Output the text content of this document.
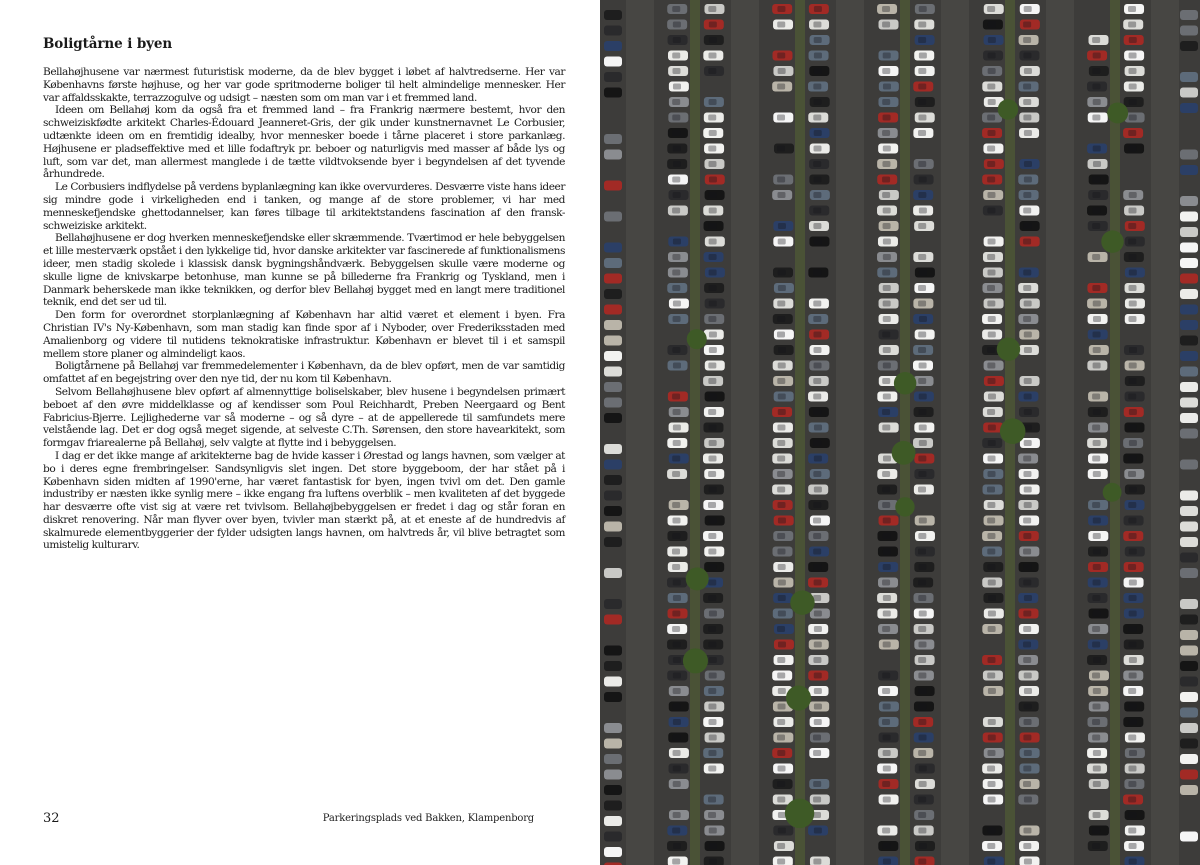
Boligtårne i byen

Bellahøjhusene var nærmest futuristisk moderne, da de blev bygget i løbet af halvtredserne. Her var Københavns første højhuse, og her var gode spritmoderne boliger til helt almindelige mennesker. Her var affaldsskakte, terrazzogulve og udsigt – næsten som om man var i et fremmed land.

Ideen om Bellahøj kom da også fra et fremmed land – fra Frankrig nærmere bestemt, hvor den schweiziskfødte arkitekt Charles-Édouard Jeanneret-Gris, der gik under kunstnernavnet Le Corbusier, udtænkte ideen om en fremtidig idealby, hvor mennesker boede i tårne placeret i store parkanlæg. Højhusene er pladseffektive med et lille fodaftryk pr. beboer og naturligvis med masser af både lys og luft, som var det, man allermest manglede i de tætte vildtvoksende byer i begyndelsen af det tyvende århundrede.

Le Corbusiers indflydelse på verdens byplanlægning kan ikke overvurderes. Desværre viste hans ideer sig mindre gode i virkeligheden end i tanken, og mange af de store problemer, vi har med menneskefjendske ghettodannelser, kan føres tilbage til arkitektstandens fascination af den fransk-schweiziske arkitekt.

Bellahøjhusene er dog hverken menneskefjendske eller skræmmende. Tværtimod er hele bebyggelsen et lille mesterværk opstået i den lykkelige tid, hvor danske arkitekter var fascinerede af funktionalismens ideer, men stadig skolede i klassisk dansk bygningshåndværk. Bebyggelsen skulle være moderne og skulle ligne de knivskarpe betonhuse, man kunne se på billederne fra Frankrig og Tyskland, men i Danmark beherskede man ikke teknikken, og derfor blev Bellahøj bygget med en langt mere traditionel teknik, end det ser ud til.

Den form for overordnet storplanlægning af København har altid været et element i byen. Fra Christian IV's Ny-København, som man stadig kan finde spor af i Nyboder, over Frederiksstaden med Amalienborg og videre til nutidens teknokratiske infrastruktur. København er blevet til i et samspil mellem store planer og almindeligt kaos.

Boligtårnene på Bellahøj var fremmedelementer i København, da de blev opført, men de var samtidig omfattet af en begejstring over den nye tid, der nu kom til København.

Selvom Bellahøjhusene blev opført af almennyttige boliselskaber, blev husene i begyndelsen primært beboet af den øvre middelklasse og af kendisser som Poul Reichhardt, Preben Neergaard og Bent Fabricius-Bjerre. Lejlighederne var så moderne – og så dyre – at de appellerede til samfundets mere velstående lag. Det er dog også meget sigende, at selveste C.Th. Sørensen, den store havearkitekt, som formgav friarealerne på Bellahøj, selv valgte at flytte ind i bebyggelsen.

I dag er det ikke mange af arkitekterne bag de hvide kasser i Ørestad og langs havnen, som vælger at bo i deres egne frembringelser. Sandsynligvis slet ingen. Det store byggeboom, der har stået på i København siden midten af 1990'erne, har været fantastisk for byen, ingen tvivl om det. Den gamle industriby er næsten ikke synlig mere – ikke engang fra luftens overblik – men kvaliteten af det byggede har desværre ofte vist sig at være ret tvivlsom. Bellahøjbebyggelsen er fredet i dag og står foran en diskret renovering. Når man flyver over byen, tvivler man stærkt på, at et eneste af de hundredvis af skalmurede elementbyggerier der fylder udsigten langs havnen, om halvtreds år, vil blive betragtet som umistelig kulturarv.

32	Parkeringsplads ved Bakken, Klampenborg
